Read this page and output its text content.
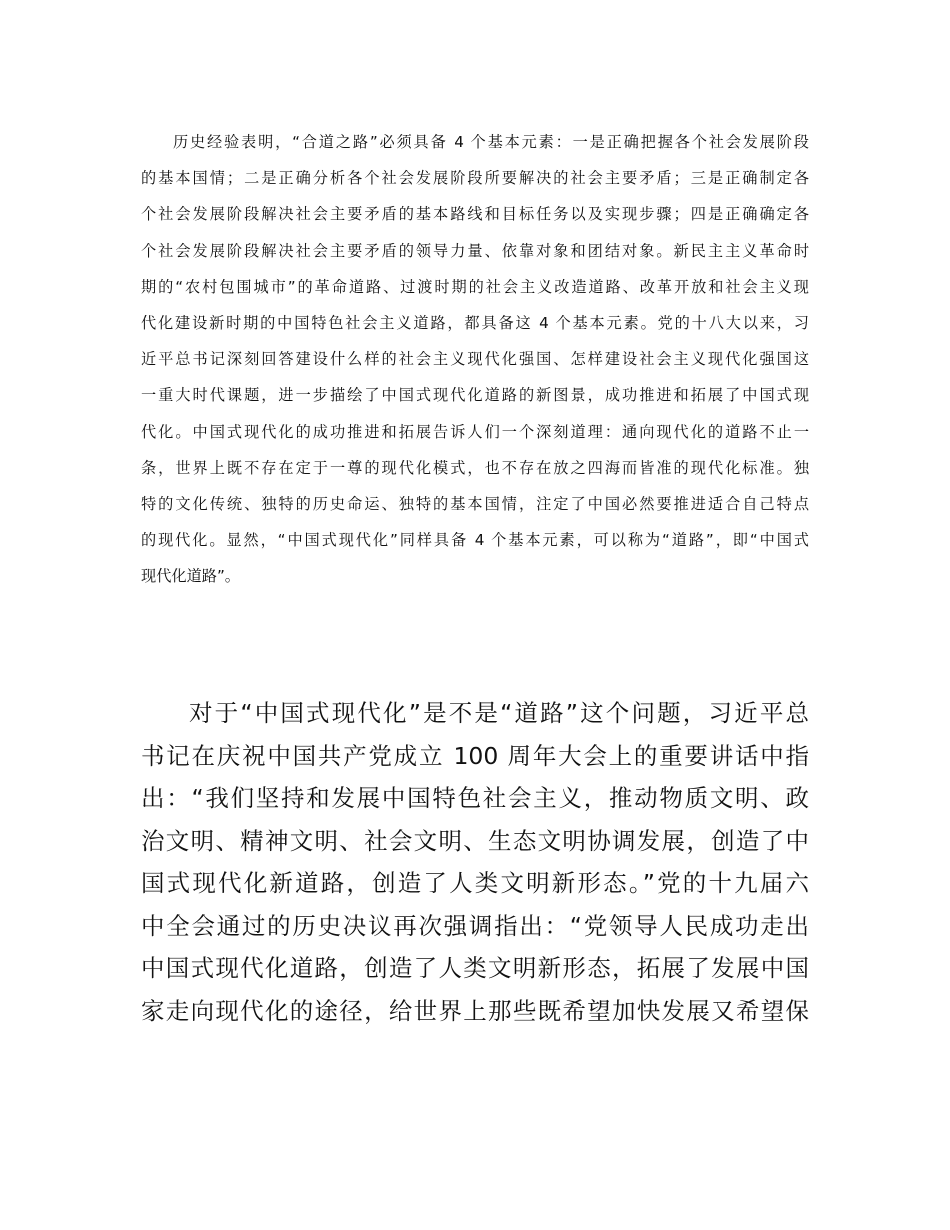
历史经验表明，“合道之路”必须具备 4 个基本元素：一是正确把握各个社会发展阶段
的基本国情；二是正确分析各个社会发展阶段所要解决的社会主要矛盾；三是正确制定各
个社会发展阶段解决社会主要矛盾的基本路线和目标任务以及实现步骤；四是正确确定各
个社会发展阶段解决社会主要矛盾的领导力量、依靠对象和团结对象。新民主主义革命时
期的“农村包围城市”的革命道路、过渡时期的社会主义改造道路、改革开放和社会主义现
代化建设新时期的中国特色社会主义道路，都具备这 4 个基本元素。党的十八大以来，习
近平总书记深刻回答建设什么样的社会主义现代化强国、怎样建设社会主义现代化强国这
一重大时代课题，进一步描绘了中国式现代化道路的新图景，成功推进和拓展了中国式现
代化。中国式现代化的成功推进和拓展告诉人们一个深刻道理：通向现代化的道路不止一
条，世界上既不存在定于一尊的现代化模式，也不存在放之四海而皆准的现代化标准。独
特的文化传统、独特的历史命运、独特的基本国情，注定了中国必然要推进适合自己特点
的现代化。显然，“中国式现代化”同样具备 4 个基本元素，可以称为“道路”，即“中国式
现代化道路”。
对于“中国式现代化”是不是“道路”这个问题，习近平总
书记在庆祝中国共产党成立 100 周年大会上的重要讲话中指
出：“我们坚持和发展中国特色社会主义，推动物质文明、政
治文明、精神文明、社会文明、生态文明协调发展，创造了中
国式现代化新道路，创造了人类文明新形态。”党的十九届六
中全会通过的历史决议再次强调指出：“党领导人民成功走出
中国式现代化道路，创造了人类文明新形态，拓展了发展中国
家走向现代化的途径，给世界上那些既希望加快发展又希望保
